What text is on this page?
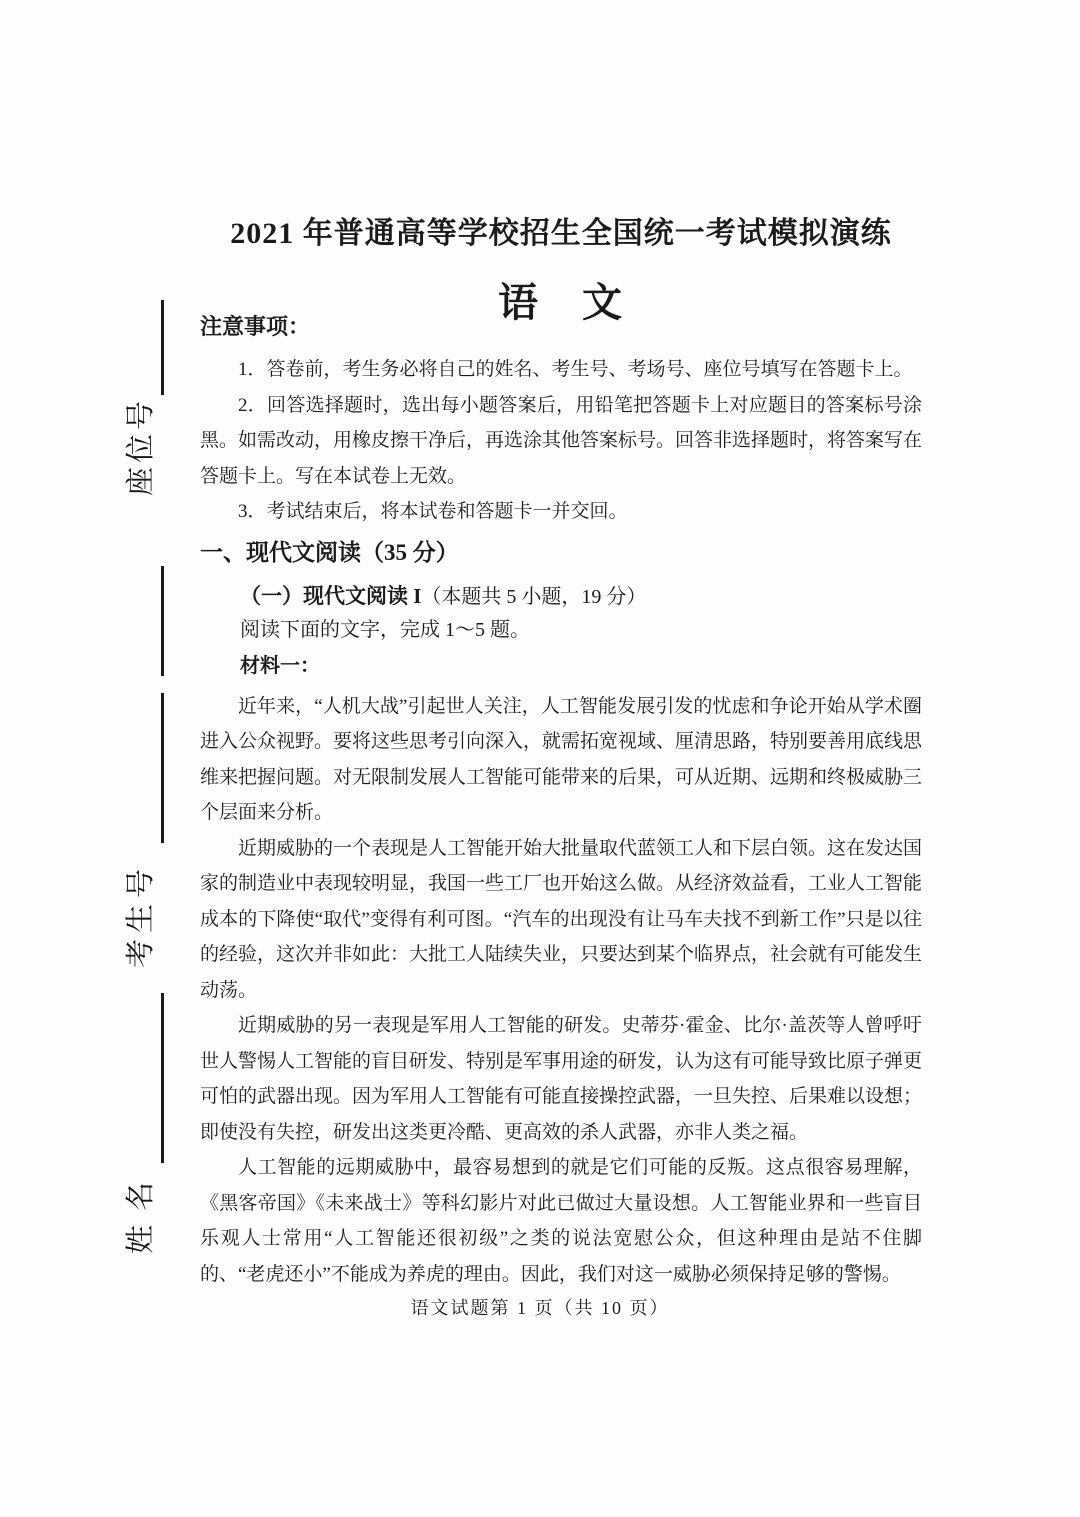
姓名
考生号
座位号
2021 年普通高等学校招生全国统一考试模拟演练
语　文
注意事项：

1．答卷前，考生务必将自己的姓名、考生号、考场号、座位号填写在答题卡上。

2．回答选择题时，选出每小题答案后，用铅笔把答题卡上对应题目的答案标号涂黑。如需改动，用橡皮擦干净后，再选涂其他答案标号。回答非选择题时，将答案写在答题卡上。写在本试卷上无效。

3．考试结束后，将本试卷和答题卡一并交回。

一、现代文阅读（35 分）

（一）现代文阅读 I（本题共 5 小题，19 分）

阅读下面的文字，完成 1～5 题。

材料一：

近年来，“人机大战”引起世人关注，人工智能发展引发的忧虑和争论开始从学术圈进入公众视野。要将这些思考引向深入，就需拓宽视域、厘清思路，特别要善用底线思维来把握问题。对无限制发展人工智能可能带来的后果，可从近期、远期和终极威胁三个层面来分析。

近期威胁的一个表现是人工智能开始大批量取代蓝领工人和下层白领。这在发达国家的制造业中表现较明显，我国一些工厂也开始这么做。从经济效益看，工业人工智能成本的下降使“取代”变得有利可图。“汽车的出现没有让马车夫找不到新工作”只是以往的经验，这次并非如此：大批工人陆续失业，只要达到某个临界点，社会就有可能发生动荡。

近期威胁的另一表现是军用人工智能的研发。史蒂芬·霍金、比尔·盖茨等人曾呼吁世人警惕人工智能的盲目研发、特别是军事用途的研发，认为这有可能导致比原子弹更可怕的武器出现。因为军用人工智能有可能直接操控武器，一旦失控、后果难以设想；即使没有失控，研发出这类更冷酷、更高效的杀人武器，亦非人类之福。

人工智能的远期威胁中，最容易想到的就是它们可能的反叛。这点很容易理解，《黑客帝国》《未来战士》等科幻影片对此已做过大量设想。人工智能业界和一些盲目乐观人士常用“人工智能还很初级”之类的说法宽慰公众，但这种理由是站不住脚的、“老虎还小”不能成为养虎的理由。因此，我们对这一威胁必须保持足够的警惕。

语文试题第 1 页（共 10 页）
